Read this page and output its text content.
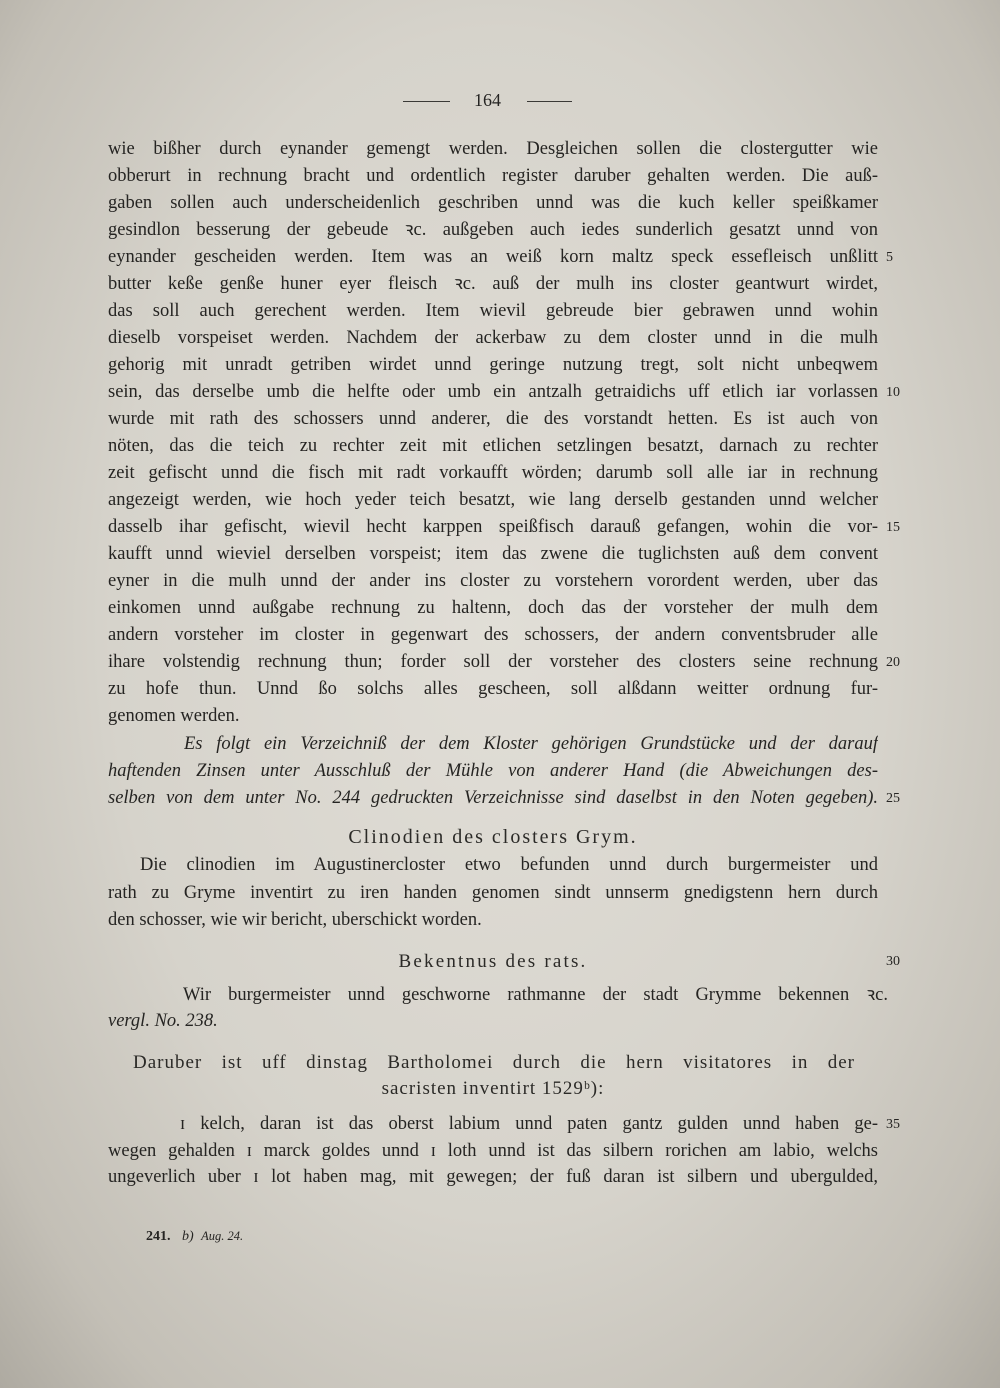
164
wie bißher durch eynander gemengt werden. Desgleichen sollen die clostergutter wie
obberurt in rechnung bracht und ordentlich register daruber gehalten werden. Die auß-
gaben sollen auch underscheidenlich geschriben unnd was die kuch keller speißkamer
gesindlon besserung der gebeude ꝛc. außgeben auch iedes sunderlich gesatzt unnd von
eynander gescheiden werden. Item was an weiß korn maltz speck essefleisch unßlitt
butter keße genße huner eyer fleisch ꝛc. auß der mulh ins closter geantwurt wirdet,
das soll auch gerechent werden. Item wievil gebreude bier gebrawen unnd wohin
dieselb vorspeiset werden. Nachdem der ackerbaw zu dem closter unnd in die mulh
gehorig mit unradt getriben wirdet unnd geringe nutzung tregt, solt nicht unbeqwem
sein, das derselbe umb die helfte oder umb ein antzalh getraidichs uff etlich iar vorlassen
wurde mit rath des schossers unnd anderer, die des vorstandt hetten. Es ist auch von
nöten, das die teich zu rechter zeit mit etlichen setzlingen besatzt, darnach zu rechter
zeit gefischt unnd die fisch mit radt vorkaufft wörden; darumb soll alle iar in rechnung
angezeigt werden, wie hoch yeder teich besatzt, wie lang derselb gestanden unnd welcher
dasselb ihar gefischt, wievil hecht karppen speißfisch darauß gefangen, wohin die vor-
kaufft unnd wieviel derselben vorspeist; item das zwene die tuglichsten auß dem convent
eyner in die mulh unnd der ander ins closter zu vorstehern vorordent werden, uber das
einkomen unnd außgabe rechnung zu haltenn, doch das der vorsteher der mulh dem
andern vorsteher im closter in gegenwart des schossers, der andern conventsbruder alle
ihare volstendig rechnung thun; forder soll der vorsteher des closters seine rechnung
zu hofe thun. Unnd ßo solchs alles gescheen, soll alßdann weitter ordnung fur-
genomen werden.
Es folgt ein Verzeichniß der dem Kloster gehörigen Grundstücke und der darauf
haftenden Zinsen unter Ausschluß der Mühle von anderer Hand (die Abweichungen des-
selben von dem unter No. 244 gedruckten Verzeichnisse sind daselbst in den Noten gegeben).
Clinodien des closters Grym.
Die clinodien im Augustinercloster etwo befunden unnd durch burgermeister und
rath zu Gryme inventirt zu iren handen genomen sindt unnserm gnedigstenn hern durch
den schosser, wie wir bericht, uberschickt worden.
Bekentnus des rats.
Wir burgermeister unnd geschworne rathmanne der stadt Grymme bekennen ꝛc.
vergl. No. 238.
Daruber ist uff dinstag Bartholomei durch die hern visitatores in der
sacristen inventirt 1529ᵇ):
ɪ kelch, daran ist das oberst labium unnd paten gantz gulden unnd haben ge-
wegen gehalden ɪ marck goldes unnd ɪ loth unnd ist das silbern rorichen am labio, welchs
ungeverlich uber ɪ lot haben mag, mit gewegen; der fuß daran ist silbern und ubergulded,
5
10
15
20
25
30
35
241. b) Aug. 24.
